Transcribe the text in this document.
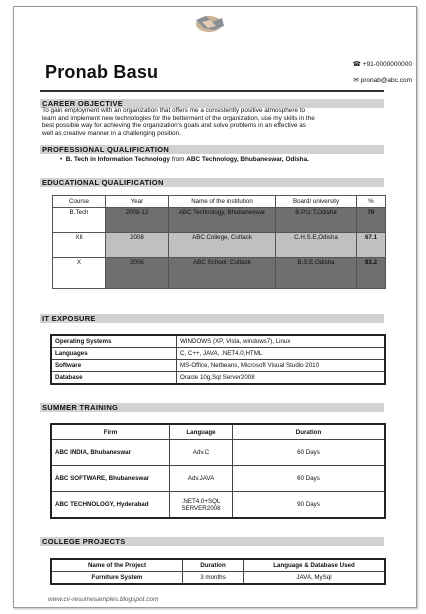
Pronab Basu	☎ +91-0000000000
✉ pronab@abc.com
CAREER OBJECTIVE
To gain employment with an organization that offers me a consistently positive atmosphere to
learn and implement new technologies for the betterment of the organization, use my skills in the
best possible way for achieving the organization's goals and solve problems in an effective as
well as creative manner in a challenging position.
PROFESSIONAL QUALIFICATION
•  B. Tech in Information Technology from ABC Technology, Bhubaneswar, Odisha.
EDUCATIONAL QUALIFICATION
Course	Year	Name of the institution	Board/ university	%
B.Tech	2008-12	ABC Technology, Bhubaneswar	B.P.U.T,Odisha	70
XII	2008	ABC College, Cuttack	C.H.S.E,Odisha	67.1
X	2006	ABC School, Cuttack	B.S.E,Odisha	83.2
IT EXPOSURE
Operating Systems	WINDOWS (XP, Vista, windows7), Linux
Languages	C, C++, JAVA, .NET4.0,HTML
Software	MS-Office, Netbeans, Microsoft Visual Studio 2010
Database	Oracle 10g,Sql Server2008
SUMMER TRAINING
Firm	Language	Duration
ABC INDIA, Bhubaneswar	Adv.C	60 Days
ABC SOFTWARE, Bhubaneswar	Adv.JAVA	60 Days
ABC TECHNOLOGY, Hyderabad	.NET4.0+SQL SERVER2008	90 Days
COLLEGE PROJECTS
Name of the Project	Duration	Language & Database Used
Furniture System	3 months	JAVA, MySql
www.cv-resumesamples.blogspot.com
